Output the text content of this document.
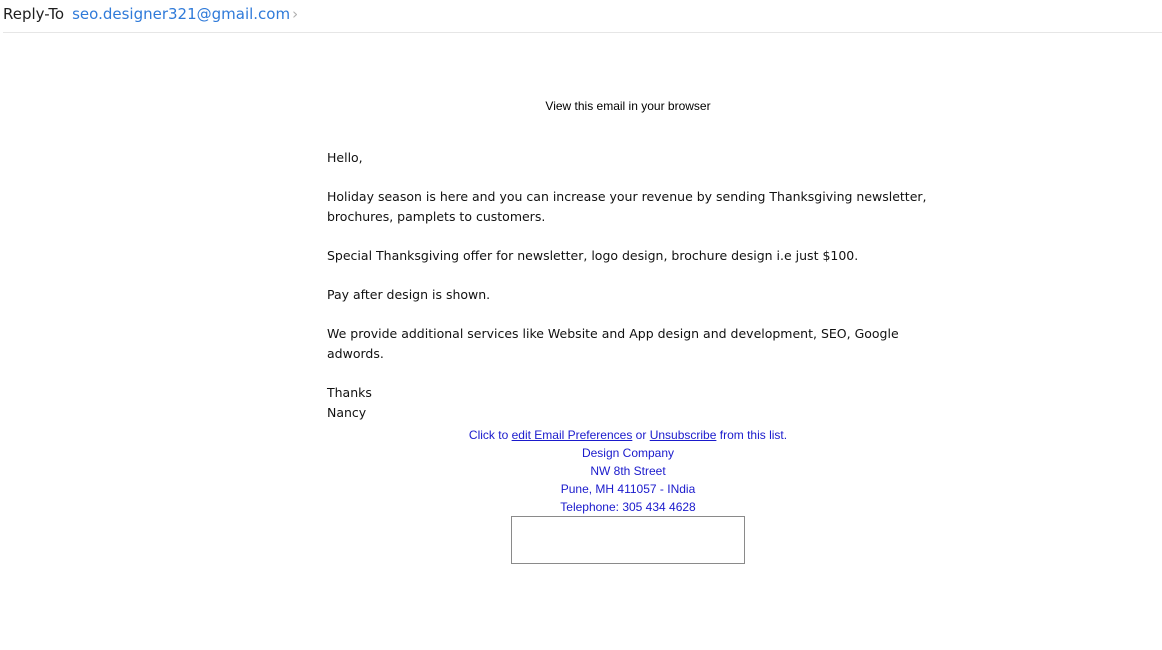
Reply-To seo.designer321@gmail.com ›
View this email in your browser

Hello,

Holiday season is here and you can increase your revenue by sending Thanksgiving newsletter, brochures, pamplets to customers.

Special Thanksgiving offer for newsletter, logo design, brochure design i.e just $100.

Pay after design is shown.

We provide additional services like Website and App design and development, SEO, Google adwords.

Thanks

Nancy

Click to edit Email Preferences or Unsubscribe from this list.
Design Company
NW 8th Street
Pune, MH 411057 - INdia
Telephone: 305 434 4628
